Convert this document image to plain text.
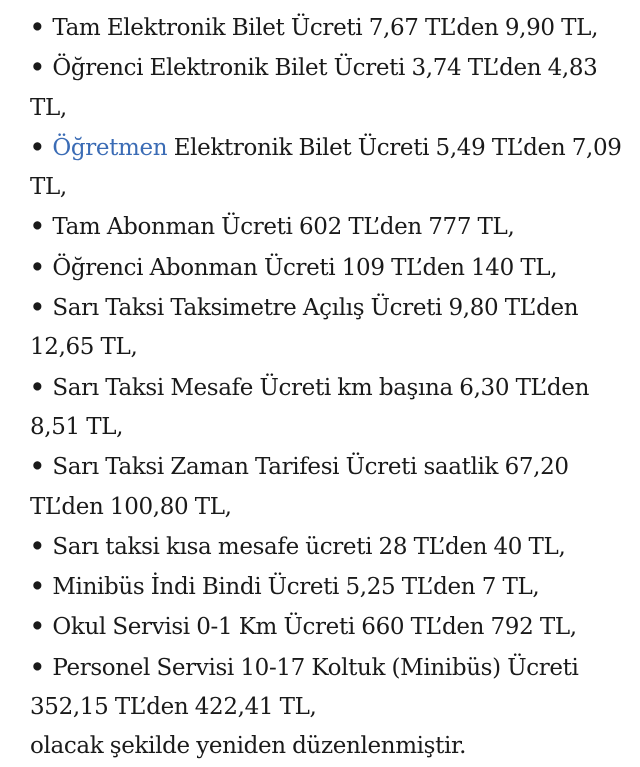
• Tam Elektronik Bilet Ücreti 7,67 TL’den 9,90 TL,
• Öğrenci Elektronik Bilet Ücreti 3,74 TL’den 4,83 TL,
• Öğretmen Elektronik Bilet Ücreti 5,49 TL’den 7,09 TL,
• Tam Abonman Ücreti 602 TL’den 777 TL,
• Öğrenci Abonman Ücreti 109 TL’den 140 TL,
• Sarı Taksi Taksimetre Açılış Ücreti 9,80 TL’den 12,65 TL,
• Sarı Taksi Mesafe Ücreti km başına 6,30 TL’den 8,51 TL,
• Sarı Taksi Zaman Tarifesi Ücreti saatlik 67,20 TL’den 100,80 TL,
• Sarı taksi kısa mesafe ücreti 28 TL’den 40 TL,
• Minibüs İndi Bindi Ücreti 5,25 TL’den 7 TL,
• Okul Servisi 0-1 Km Ücreti 660 TL’den 792 TL,
• Personel Servisi 10-17 Koltuk (Minibüs) Ücreti 352,15 TL’den 422,41 TL,

olacak şekilde yeniden düzenlenmiştir.
